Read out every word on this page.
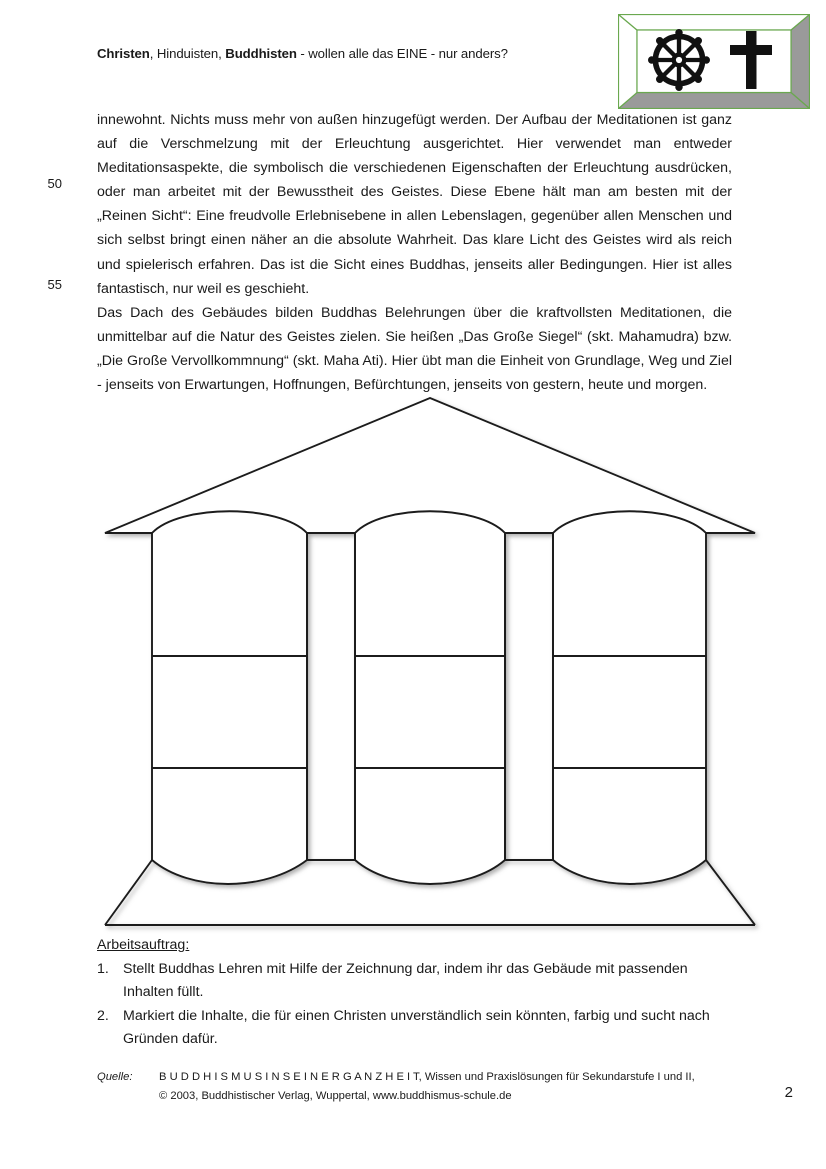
Christen, Hinduisten, Buddhisten - wollen alle das EINE - nur anders?
50
55

innewohnt. Nichts muss mehr von außen hinzugefügt werden. Der Aufbau der Meditationen ist ganz auf die Verschmelzung mit der Erleuchtung ausgerichtet. Hier verwendet man entweder Meditationsaspekte, die symbolisch die verschiedenen Eigenschaften der Erleuchtung ausdrücken, oder man arbeitet mit der Bewusstheit des Geistes. Diese Ebene hält man am besten mit der „Reinen Sicht“: Eine freudvolle Erlebnisebene in allen Lebenslagen, gegenüber allen Menschen und sich selbst bringt einen näher an die absolute Wahrheit. Das klare Licht des Geistes wird als reich und spielerisch erfahren. Das ist die Sicht eines Buddhas, jenseits aller Bedingungen. Hier ist alles fantastisch, nur weil es geschieht.

Das Dach des Gebäudes bilden Buddhas Belehrungen über die kraftvollsten Meditationen, die unmittelbar auf die Natur des Geistes zielen. Sie heißen „Das Große Siegel“ (skt. Mahamudra) bzw. „Die Große Vervollkommnung“ (skt. Maha Ati). Hier übt man die Einheit von Grundlage, Weg und Ziel - jenseits von Erwartungen, Hoffnungen, Befürchtungen, jenseits von gestern, heute und morgen.

Arbeitsauftrag:
Stellt Buddhas Lehren mit Hilfe der Zeichnung dar, indem ihr das Gebäude mit passenden Inhalten füllt.
Markiert die Inhalte, die für einen Christen unverständlich sein könnten, farbig und sucht nach Gründen dafür.
Quelle: B U D D H I S M U S I N S E I N E R G A N Z H E I T, Wissen und Praxislösungen für Sekundarstufe I und II,
© 2003, Buddhistischer Verlag, Wuppertal, www.buddhismus-schule.de	2
